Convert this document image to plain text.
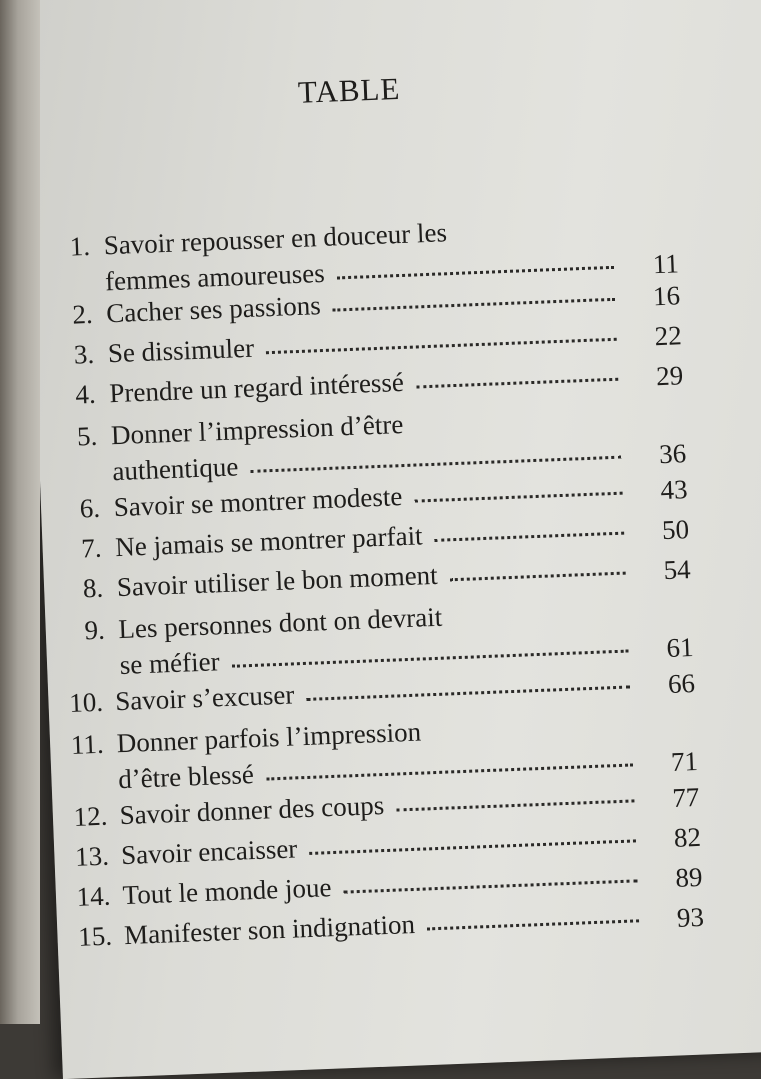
TABLE
1. Savoir repousser en douceur les
femmes amoureuses	11
2. Cacher ses passions	16
3. Se dissimuler	22
4. Prendre un regard intéressé	29
5. Donner l’impression d’être
authentique	36
6. Savoir se montrer modeste	43
7. Ne jamais se montrer parfait	50
8. Savoir utiliser le bon moment	54
9. Les personnes dont on devrait
se méfier	61
10. Savoir s’excuser	66
11. Donner parfois l’impression
d’être blessé	71
12. Savoir donner des coups	77
13. Savoir encaisser	82
14. Tout le monde joue	89
15. Manifester son indignation	93
